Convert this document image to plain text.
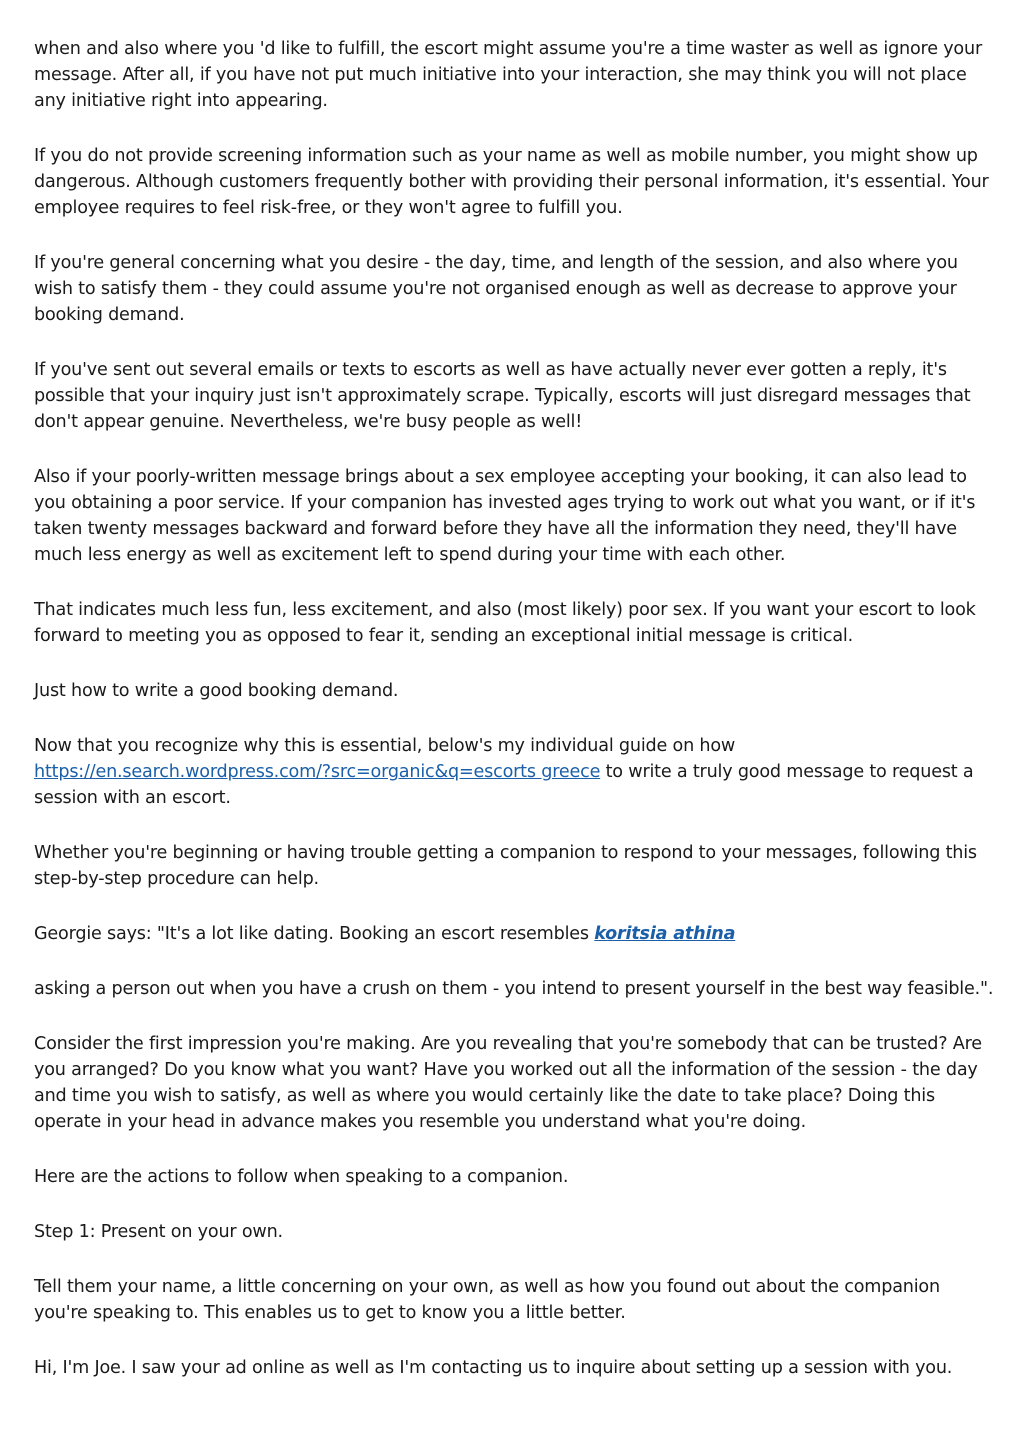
when and also where you 'd like to fulfill, the escort might assume you're a time waster as well as ignore your message. After all, if you have not put much initiative into your interaction, she may think you will not place any initiative right into appearing.

If you do not provide screening information such as your name as well as mobile number, you might show up dangerous. Although customers frequently bother with providing their personal information, it's essential. Your employee requires to feel risk-free, or they won't agree to fulfill you.

If you're general concerning what you desire - the day, time, and length of the session, and also where you wish to satisfy them - they could assume you're not organised enough as well as decrease to approve your booking demand.

If you've sent out several emails or texts to escorts as well as have actually never ever gotten a reply, it's possible that your inquiry just isn't approximately scrape. Typically, escorts will just disregard messages that don't appear genuine. Nevertheless, we're busy people as well!

Also if your poorly-written message brings about a sex employee accepting your booking, it can also lead to you obtaining a poor service. If your companion has invested ages trying to work out what you want, or if it's taken twenty messages backward and forward before they have all the information they need, they'll have much less energy as well as excitement left to spend during your time with each other.

That indicates much less fun, less excitement, and also (most likely) poor sex. If you want your escort to look forward to meeting you as opposed to fear it, sending an exceptional initial message is critical.

Just how to write a good booking demand.

Now that you recognize why this is essential, below's my individual guide on how https://en.search.wordpress.com/?src=organic&q=escorts greece to write a truly good message to request a session with an escort.

Whether you're beginning or having trouble getting a companion to respond to your messages, following this step-by-step procedure can help.

Georgie says: "It's a lot like dating. Booking an escort resembles koritsia athina

asking a person out when you have a crush on them - you intend to present yourself in the best way feasible.".

Consider the first impression you're making. Are you revealing that you're somebody that can be trusted? Are you arranged? Do you know what you want? Have you worked out all the information of the session - the day and time you wish to satisfy, as well as where you would certainly like the date to take place? Doing this operate in your head in advance makes you resemble you understand what you're doing.

Here are the actions to follow when speaking to a companion.

Step 1: Present on your own.

Tell them your name, a little concerning on your own, as well as how you found out about the companion you're speaking to. This enables us to get to know you a little better.

Hi, I'm Joe. I saw your ad online as well as I'm contacting us to inquire about setting up a session with you.
